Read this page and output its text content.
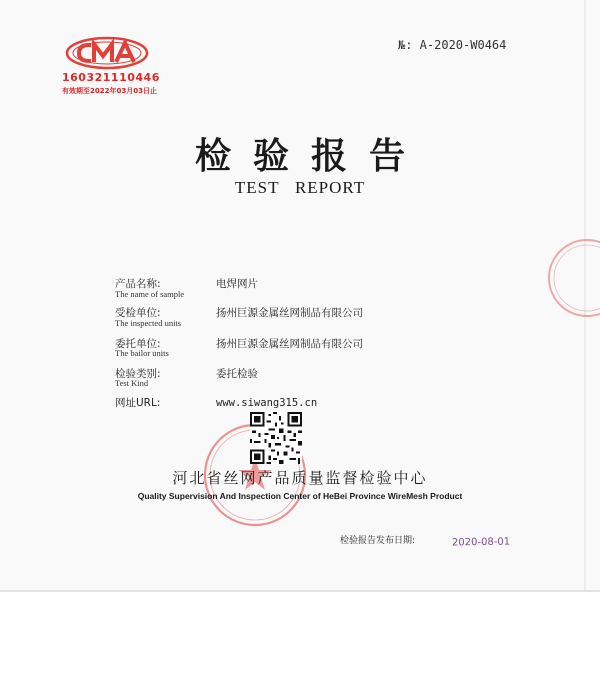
160321110446
有效期至2022年03月03日止
№: A-2020-W0464
检验报告
TEST   REPORT
产品名称:
The name of sample
电焊网片
受检单位:
The inspected units
扬州巨源金属丝网制品有限公司
委托单位:
The bailor units
扬州巨源金属丝网制品有限公司
检验类别:
Test Kind
委托检验
网址URL:	www.siwang315.cn
河北省丝网产品质量监督检验中心
Quality Supervision And Inspection Center of HeBei Province WireMesh Product
检验报告发布日期:	2020-08-01
